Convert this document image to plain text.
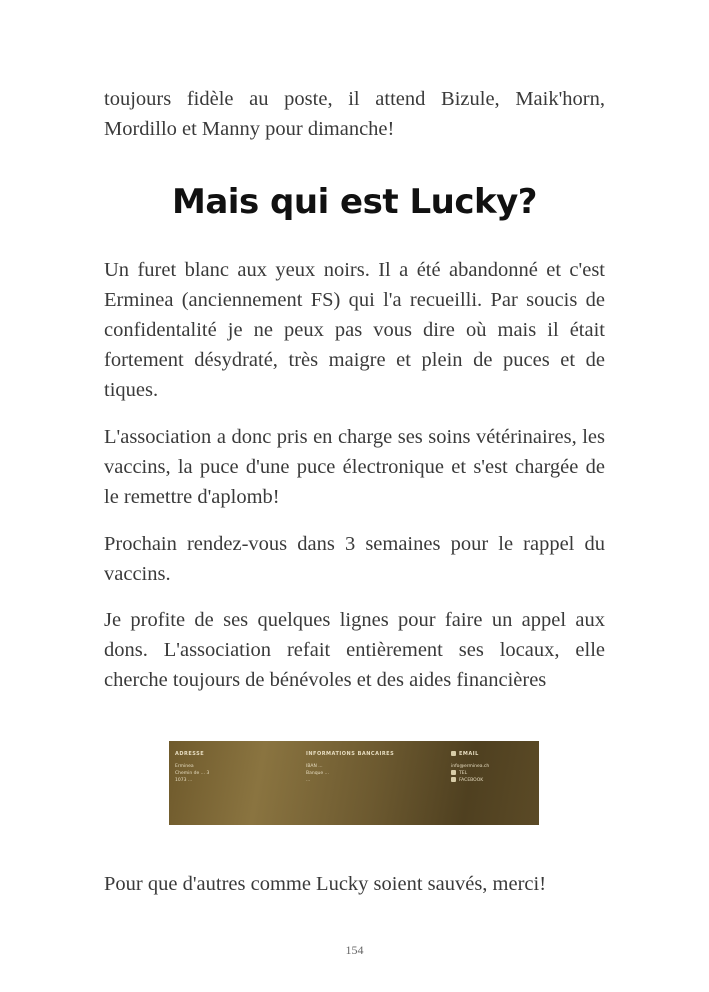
toujours fidèle au poste, il attend Bizule, Maik'horn, Mordillo et Manny pour dimanche!

Mais qui est Lucky?

Un furet blanc aux yeux noirs. Il a été abandonné et c'est Erminea (anciennement FS) qui l'a recueilli. Par soucis de confidentalité je ne peux pas vous dire où mais il était fortement désydraté, très maigre et plein de puces et de tiques.

L'association a donc pris en charge ses soins vétérinaires, les vaccins, la puce d'une puce électronique et s'est chargée de le remettre d'aplomb!

Prochain rendez-vous dans 3 semaines pour le rappel du vaccins.

Je profite de ses quelques lignes pour faire un appel aux dons. L'association refait entièrement ses locaux, elle cherche toujours de bénévoles et des aides financières

ADRESSE
Erminea
Chemin de ... 3
1073 ...
INFORMATIONS BANCAIRES
IBAN ...
Banque ...
...
EMAIL
info@erminea.ch
TEL
FACEBOOK

Pour que d'autres comme Lucky soient sauvés, merci!

154
